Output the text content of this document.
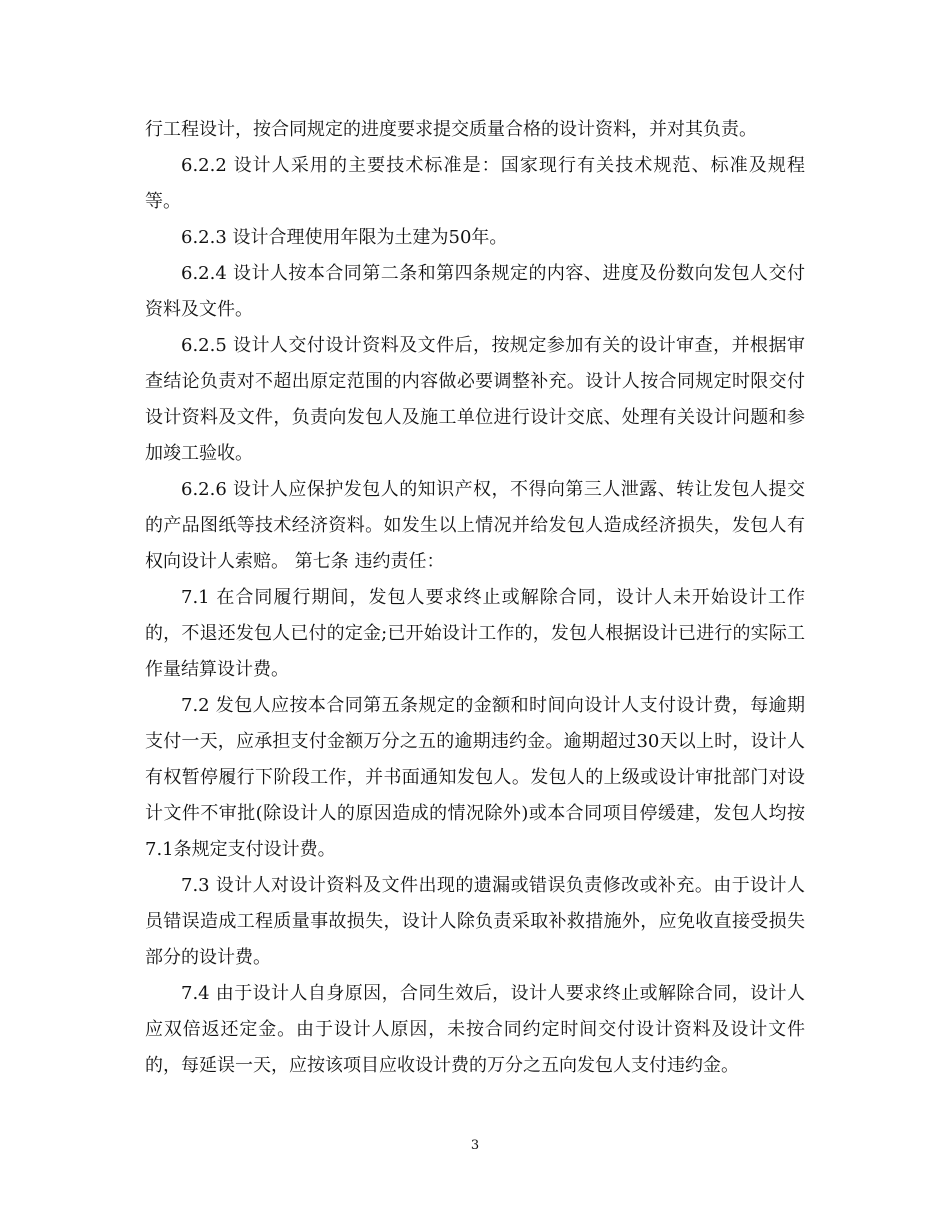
行工程设计，按合同规定的进度要求提交质量合格的设计资料，并对其负责。

6.2.2 设计人采用的主要技术标准是：国家现行有关技术规范、标准及规程等。

6.2.3 设计合理使用年限为土建为50年。

6.2.4 设计人按本合同第二条和第四条规定的内容、进度及份数向发包人交付资料及文件。

6.2.5 设计人交付设计资料及文件后，按规定参加有关的设计审查，并根据审查结论负责对不超出原定范围的内容做必要调整补充。设计人按合同规定时限交付设计资料及文件，负责向发包人及施工单位进行设计交底、处理有关设计问题和参加竣工验收。

6.2.6 设计人应保护发包人的知识产权，不得向第三人泄露、转让发包人提交的产品图纸等技术经济资料。如发生以上情况并给发包人造成经济损失，发包人有权向设计人索赔。 第七条 违约责任：

7.1 在合同履行期间，发包人要求终止或解除合同，设计人未开始设计工作的，不退还发包人已付的定金;已开始设计工作的，发包人根据设计已进行的实际工作量结算设计费。

7.2 发包人应按本合同第五条规定的金额和时间向设计人支付设计费，每逾期支付一天，应承担支付金额万分之五的逾期违约金。逾期超过30天以上时，设计人有权暂停履行下阶段工作，并书面通知发包人。发包人的上级或设计审批部门对设计文件不审批(除设计人的原因造成的情况除外)或本合同项目停缓建，发包人均按7.1条规定支付设计费。

7.3 设计人对设计资料及文件出现的遗漏或错误负责修改或补充。由于设计人员错误造成工程质量事故损失，设计人除负责采取补救措施外，应免收直接受损失部分的设计费。

7.4 由于设计人自身原因，合同生效后，设计人要求终止或解除合同，设计人应双倍返还定金。由于设计人原因，未按合同约定时间交付设计资料及设计文件的，每延误一天，应按该项目应收设计费的万分之五向发包人支付违约金。

3
